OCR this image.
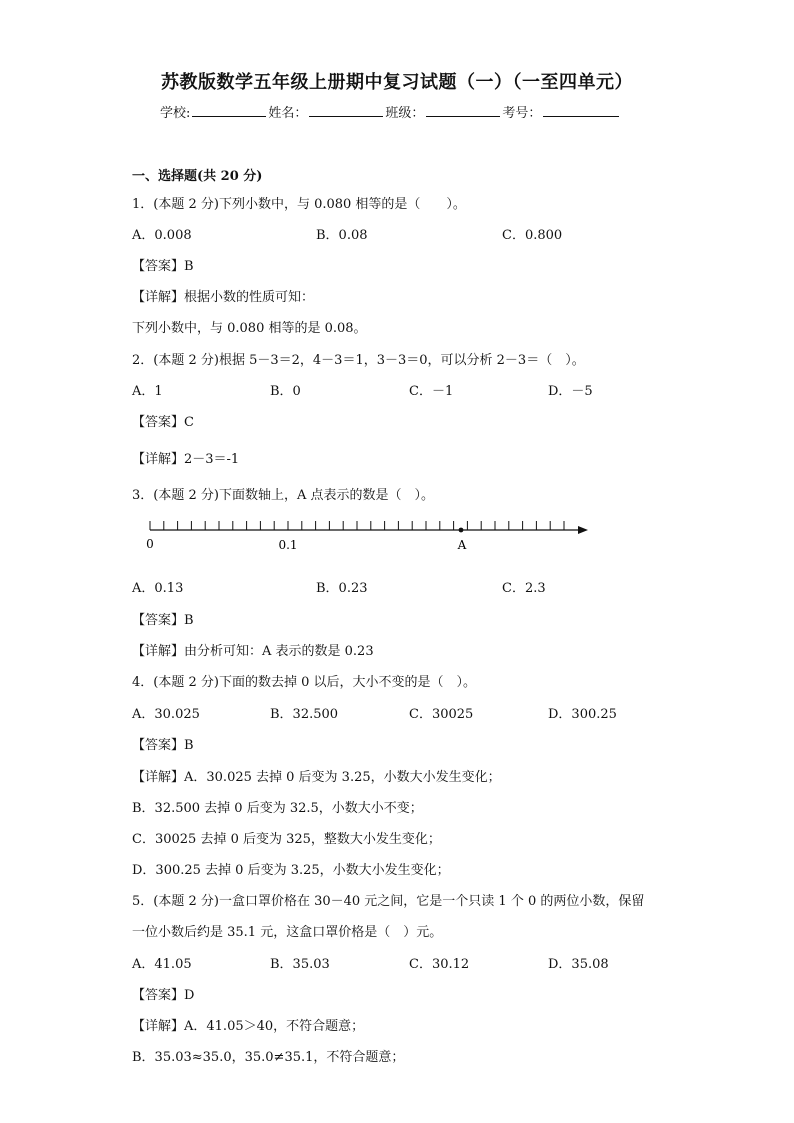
苏教版数学五年级上册期中复习试题（一）（一至四单元）
学校:	姓名：	班级：	考号：
一、选择题(共 20 分)
1．(本题 2 分)下列小数中，与 0.080 相等的是（　　）。
A．0.008	B．0.08	C．0.800
【答案】B
【详解】根据小数的性质可知：
下列小数中，与 0.080 相等的是 0.08。
2．(本题 2 分)根据 5－3＝2，4－3＝1，3－3＝0，可以分析 2－3＝（　）。
A．1	B．0	C．－1	D．－5
【答案】C
【详解】2－3＝-1
3．(本题 2 分)下面数轴上，A 点表示的数是（　）。
0	0.1	A
A．0.13	B．0.23	C．2.3
【答案】B
【详解】由分析可知：A 表示的数是 0.23
4．(本题 2 分)下面的数去掉 0 以后，大小不变的是（　）。
A．30.025	B．32.500	C．30025	D．300.25
【答案】B
【详解】A．30.025 去掉 0 后变为 3.25，小数大小发生变化；
B．32.500 去掉 0 后变为 32.5，小数大小不变；
C．30025 去掉 0 后变为 325，整数大小发生变化；
D．300.25 去掉 0 后变为 3.25，小数大小发生变化；
5．(本题 2 分)一盒口罩价格在 30－40 元之间，它是一个只读 1 个 0 的两位小数，保留
一位小数后约是 35.1 元，这盒口罩价格是（　）元。
A．41.05	B．35.03	C．30.12	D．35.08
【答案】D
【详解】A．41.05＞40，不符合题意；
B．35.03≈35.0，35.0≠35.1，不符合题意；
